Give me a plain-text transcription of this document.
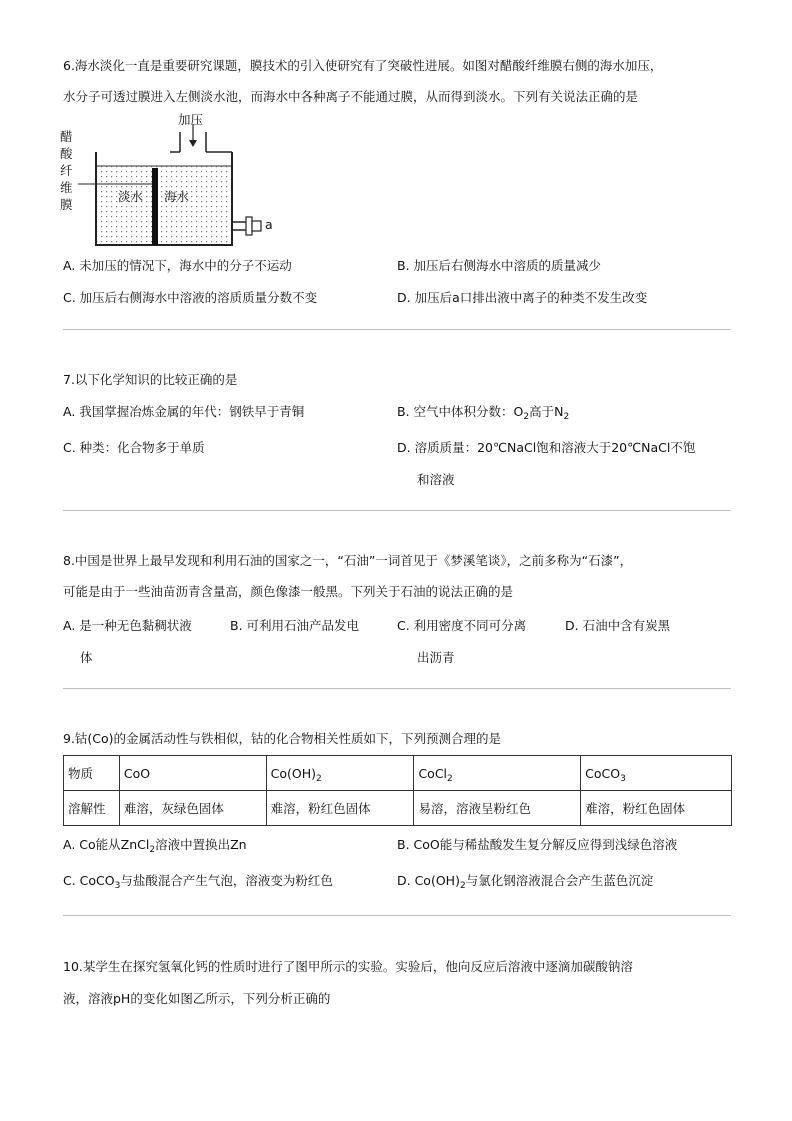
6.海水淡化一直是重要研究课题，膜技术的引入使研究有了突破性进展。如图对醋酸纤维膜右侧的海水加压，
水分子可透过膜进入左侧淡水池，而海水中各种离子不能通过膜，从而得到淡水。下列有关说法正确的是
醋
酸
纤
维
膜
加压
淡水 海水
a
A. 未加压的情况下，海水中的分子不运动	B. 加压后右侧海水中溶质的质量减少
C. 加压后右侧海水中溶液的溶质质量分数不变	D. 加压后a口排出液中离子的种类不发生改变
7.以下化学知识的比较正确的是
A. 我国掌握冶炼金属的年代：钢铁早于青铜	B. 空气中体积分数：$O_2$高于$N_2$
C. 种类：化合物多于单质	D. 溶质质量：20℃NaCl饱和溶液大于20℃NaCl不饱
和溶液
8.中国是世界上最早发现和利用石油的国家之一，“石油”一词首见于《梦溪笔谈》，之前多称为“石漆”，
可能是由于一些油苗沥青含量高，颜色像漆一般黑。下列关于石油的说法正确的是
A. 是一种无色黏稠状液
体
B. 可利用石油产品发电	C. 利用密度不同可分离
出沥青
D. 石油中含有炭黑
9.钴(Co)的金属活动性与铁相似，钴的化合物相关性质如下，下列预测合理的是
物质	CoO	$Co(OH)_2$	CoCl$_2$	CoCO$_3$
溶解性	难溶，灰绿色固体	难溶，粉红色固体	易溶，溶液呈粉红色	难溶，粉红色固体
A. Co能从ZnCl$_2$溶液中置换出Zn	B. CoO能与稀盐酸发生复分解反应得到浅绿色溶液
C. CoCO$_3$与盐酸混合产生气泡，溶液变为粉红色	D. $Co(OH)_2$与氯化钢溶液混合会产生蓝色沉淀
10.某学生在探究氢氧化钙的性质时进行了图甲所示的实验。实验后，他向反应后溶液中逐滴加碳酸钠溶
液，溶液pH的变化如图乙所示，下列分析正确的
